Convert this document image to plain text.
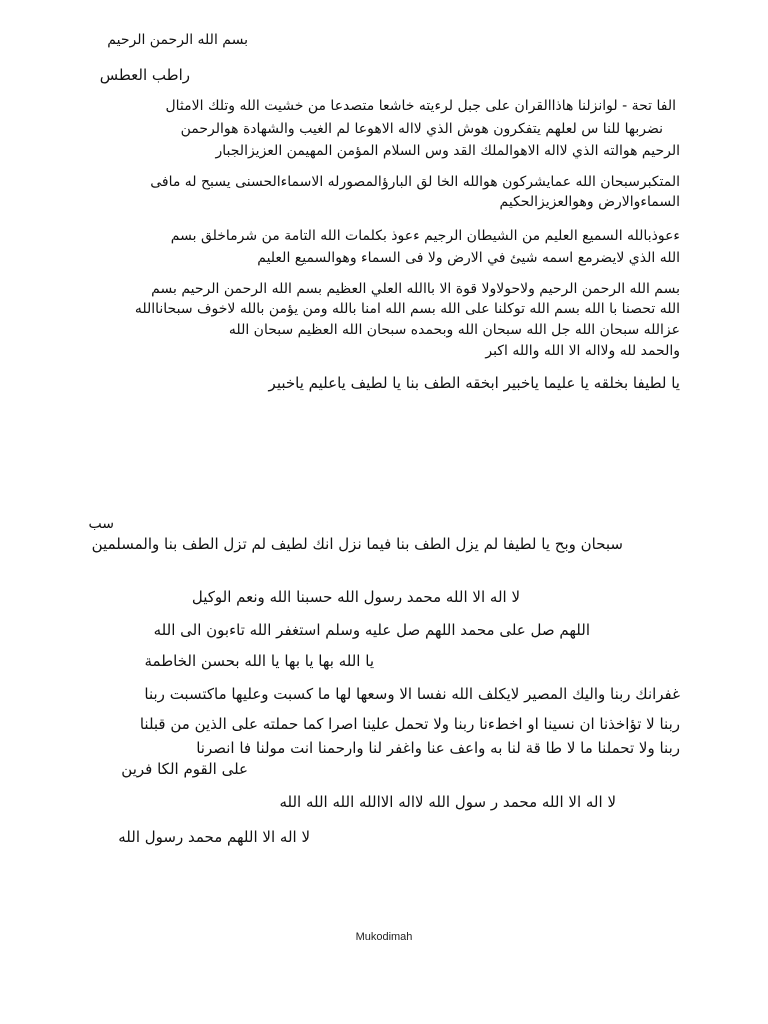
بسم الله الرحمن الرحيم
راطب العطس
الفا تحة - لوانزلنا هاذاالقران على جبل لرءيته خاشعا متصدعا من خشيت الله وتلك الامثال
نضربها للنا س لعلهم يتفكرون هوش الذي لااله الاهوعا لم الغيب والشهادة هوالرحمن
الرحيم هوالته الذي لااله الاهوالملك القد وس السلام المؤمن المهيمن العزيزالجبار
المتكبرسبحان الله عمايشركون هوالله الخا لق البارؤالمصورله الاسماءالحسنى يسبح له مافى
السماءوالارض وهوالعزيزالحكيم
ءعوذبالله السميع العليم من الشيطان الرجيم ءعوذ بكلمات الله التامة من شرماخلق بسم
الله الذي لايضرمع اسمه شيئ في الارض ولا فى السماء وهوالسميع العليم
بسم الله الرحمن الرحيم ولاحولاولا قوة الا باالله العلي العظيم بسم الله الرحمن الرحيم بسم
الله تحصنا با الله بسم الله توكلنا على الله بسم الله امنا بالله ومن يؤمن بالله لاخوف سبحاناالله
عزالله سبحان الله جل الله سبحان الله وبحمده سبحان الله العظيم سبحان الله
والحمد لله ولااله الا الله والله اكبر
يا لطيفا بخلقه يا عليما ياخبير ابخقه الطف بنا يا لطيف ياعليم ياخبير
سب
سبحان وبح يا لطيفا لم يزل الطف بنا فيما نزل انك لطيف لم تزل الطف بنا والمسلمين
لا اله الا الله محمد رسول الله حسبنا الله ونعم الوكيل
اللهم صل على محمد اللهم صل عليه وسلم استغفر الله تاءبون الى الله
يا الله بها يا بها يا الله بحسن الخاطمة
غفرانك ربنا واليك المصير لايكلف الله نفسا الا وسعها لها ما كسبت وعليها ماكتسبت ربنا
ربنا لا تؤاخذنا ان نسينا او اخطءنا ربنا ولا تحمل علينا اصرا كما حملته على الذين من قبلنا
ربنا ولا تحملنا ما لا طا قة لنا به واعف عنا واغفر لنا وارحمنا انت مولنا فا انصرنا
على القوم الكا فرين
لا اله الا الله محمد ر سول الله لااله الاالله الله الله الله
لا اله الا اللهم محمد رسول الله
Mukodimah
